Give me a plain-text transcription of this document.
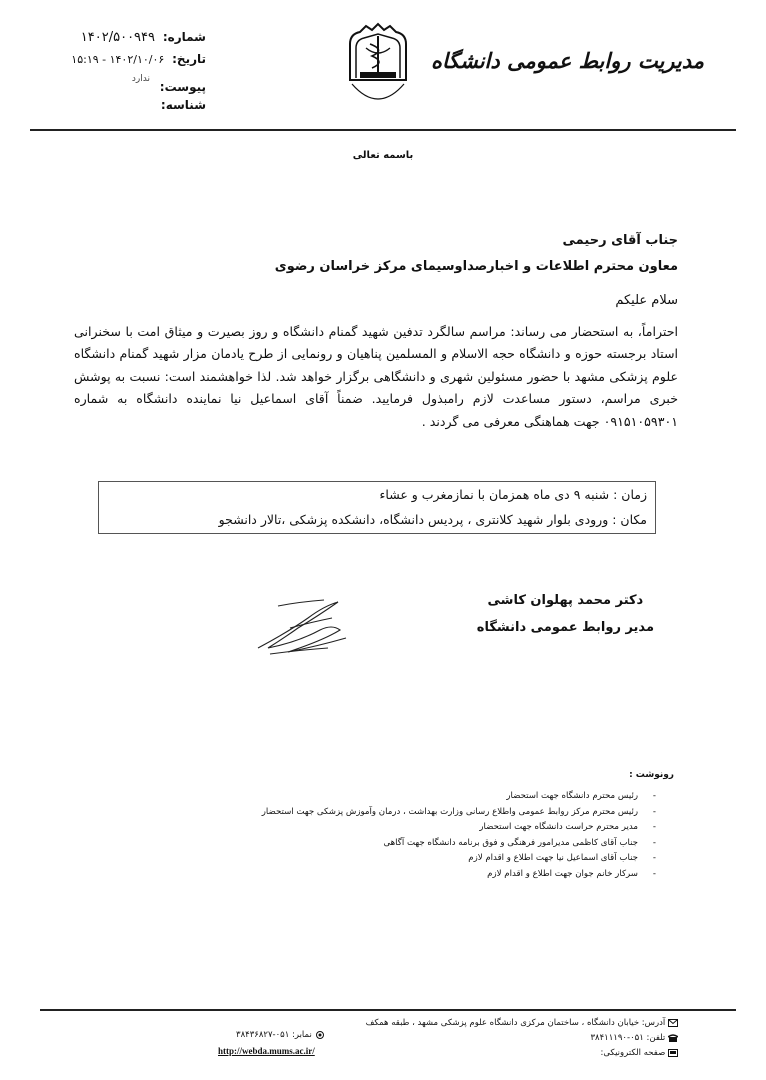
شماره: ۱۴۰۲/۵۰۰۹۴۹
تاریخ: ۱۴۰۲/۱۰/۰۶ - ۱۵:۱۹
ندارد
پیوست:
شناسه:
مدیریت روابط عمومی دانشگاه
باسمه تعالی
جناب آقای رحیمی
معاون محترم اطلاعات و اخبارصداوسیمای مرکز خراسان رضوی
سلام علیکم
احتراماً، به استحضار می رساند: مراسم سالگرد تدفین شهید گمنام دانشگاه و روز بصیرت و میثاق امت با سخنرانی استاد برجسته حوزه و دانشگاه حجه الاسلام و المسلمین پناهیان و رونمایی از طرح یادمان مزار شهید گمنام دانشگاه علوم پزشکی مشهد با حضور مسئولین شهری و دانشگاهی برگزار خواهد شد. لذا خواهشمند است: نسبت به پوشش خبری مراسم، دستور مساعدت لازم رامبذول فرمایید. ضمناً آقای اسماعیل نیا نماینده دانشگاه به شماره ۰۹۱۵۱۰۵۹۳۰۱ جهت هماهنگی معرفی می گردند .
زمان : شنبه ۹ دی ماه همزمان با نمازمغرب و عشاء
مکان : ورودی بلوار شهید کلانتری ، پردیس دانشگاه، دانشکده پزشکی ،تالار دانشجو
دکتر محمد پهلوان کاشی
مدیر روابط عمومی دانشگاه
رونوشت :
- رئیس محترم دانشگاه جهت استحضار
- رئیس محترم مرکز روابط عمومی واطلاع رسانی وزارت بهداشت ، درمان وآموزش پزشکی جهت استحضار
- مدیر محترم حراست دانشگاه جهت استحضار
- جناب آقای کاظمی مدیرامور فرهنگی و فوق برنامه دانشگاه جهت آگاهی
- جناب آقای اسماعیل نیا جهت اطلاع و اقدام لازم
- سرکار خانم جوان جهت اطلاع و اقدام لازم
آدرس: خیابان دانشگاه ، ساختمان مرکزی دانشگاه علوم پزشکی مشهد ، طبقه همکف
تلفن: ۰۵۱-۳۸۴۱۱۱۹۰
صفحه الکترونیکی:
نمابر: ۰۵۱-۳۸۴۳۶۸۲۷
http://webda.mums.ac.ir/
